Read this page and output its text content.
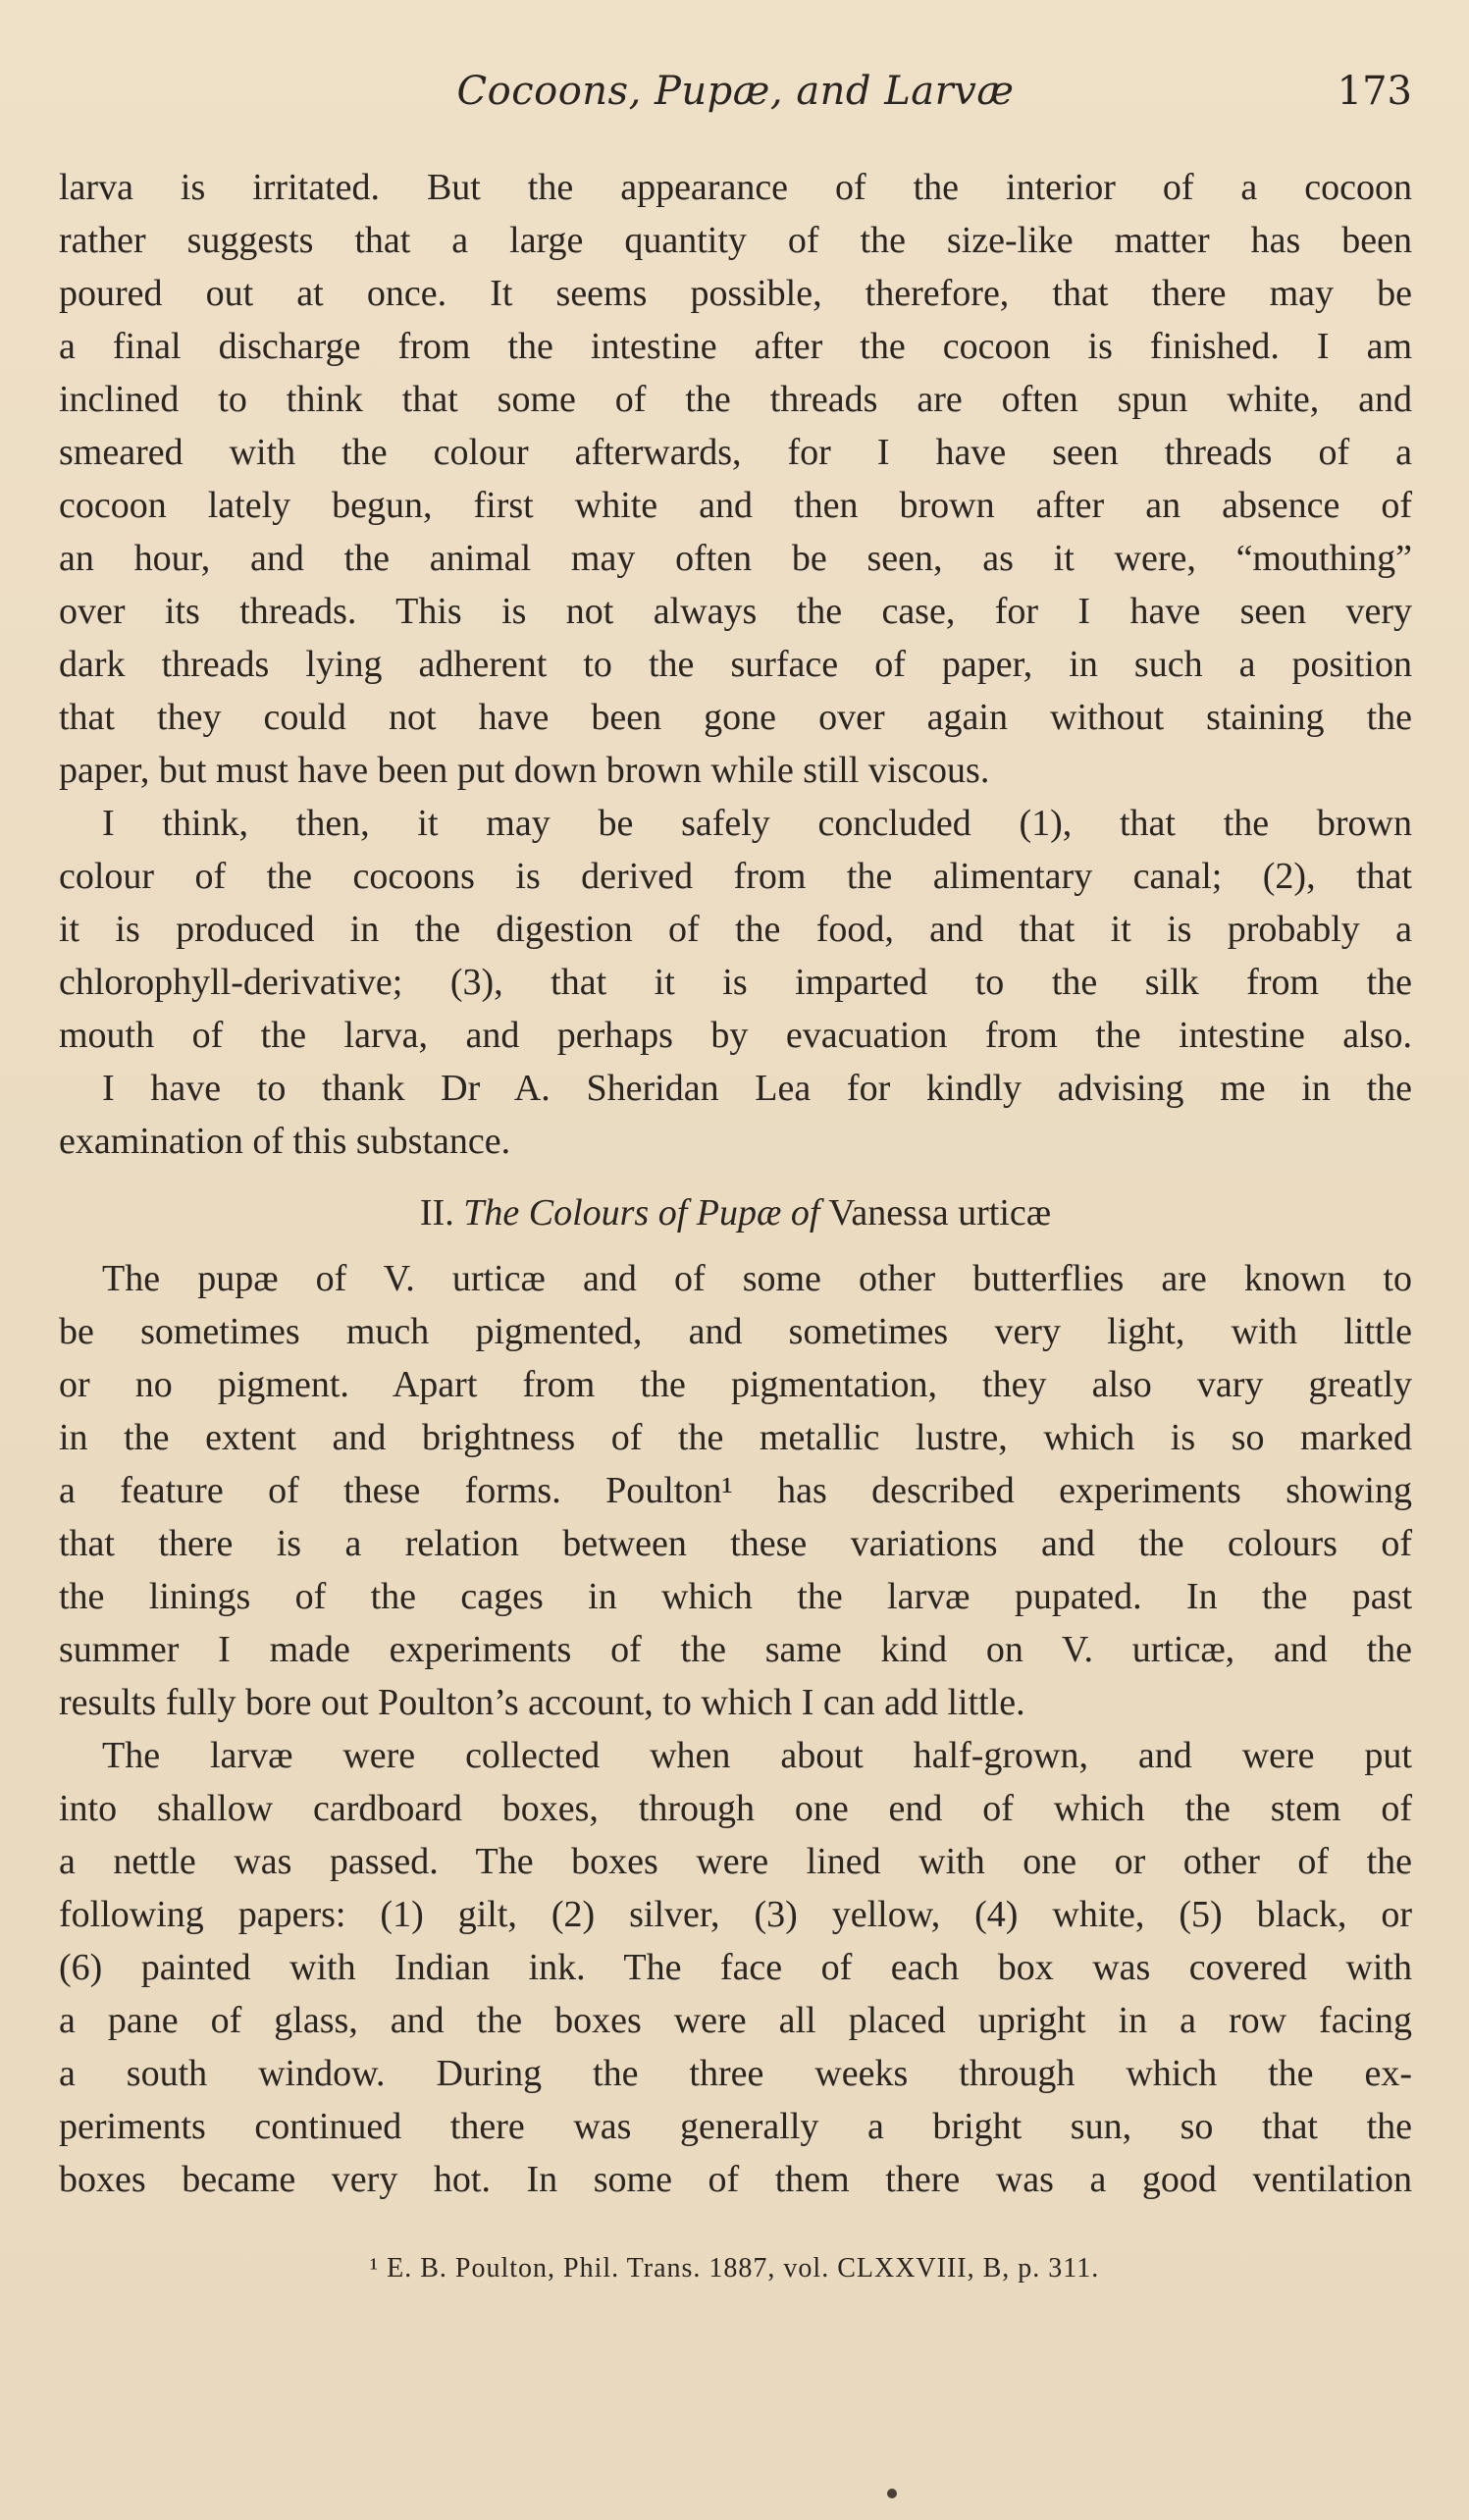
Cocoons, Pupæ, and Larvæ	173
larva is irritated. But the appearance of the interior of a cocoon
rather suggests that a large quantity of the size-like matter has been
poured out at once. It seems possible, therefore, that there may be
a final discharge from the intestine after the cocoon is finished. I am
inclined to think that some of the threads are often spun white, and
smeared with the colour afterwards, for I have seen threads of a
cocoon lately begun, first white and then brown after an absence of
an hour, and the animal may often be seen, as it were, “mouthing”
over its threads. This is not always the case, for I have seen very
dark threads lying adherent to the surface of paper, in such a position
that they could not have been gone over again without staining the
paper, but must have been put down brown while still viscous.
I think, then, it may be safely concluded (1), that the brown
colour of the cocoons is derived from the alimentary canal; (2), that
it is produced in the digestion of the food, and that it is probably a
chlorophyll-derivative; (3), that it is imparted to the silk from the
mouth of the larva, and perhaps by evacuation from the intestine also.
I have to thank Dr A. Sheridan Lea for kindly advising me in the
examination of this substance.
II. The Colours of Pupæ of Vanessa urticæ
The pupæ of V. urticæ and of some other butterflies are known to
be sometimes much pigmented, and sometimes very light, with little
or no pigment. Apart from the pigmentation, they also vary greatly
in the extent and brightness of the metallic lustre, which is so marked
a feature of these forms. Poulton¹ has described experiments showing
that there is a relation between these variations and the colours of
the linings of the cages in which the larvæ pupated. In the past
summer I made experiments of the same kind on V. urticæ, and the
results fully bore out Poulton’s account, to which I can add little.
The larvæ were collected when about half-grown, and were put
into shallow cardboard boxes, through one end of which the stem of
a nettle was passed. The boxes were lined with one or other of the
following papers: (1) gilt, (2) silver, (3) yellow, (4) white, (5) black, or
(6) painted with Indian ink. The face of each box was covered with
a pane of glass, and the boxes were all placed upright in a row facing
a south window. During the three weeks through which the ex-
periments continued there was generally a bright sun, so that the
boxes became very hot. In some of them there was a good ventilation
¹ E. B. Poulton, Phil. Trans. 1887, vol. CLXXVIII, B, p. 311.
